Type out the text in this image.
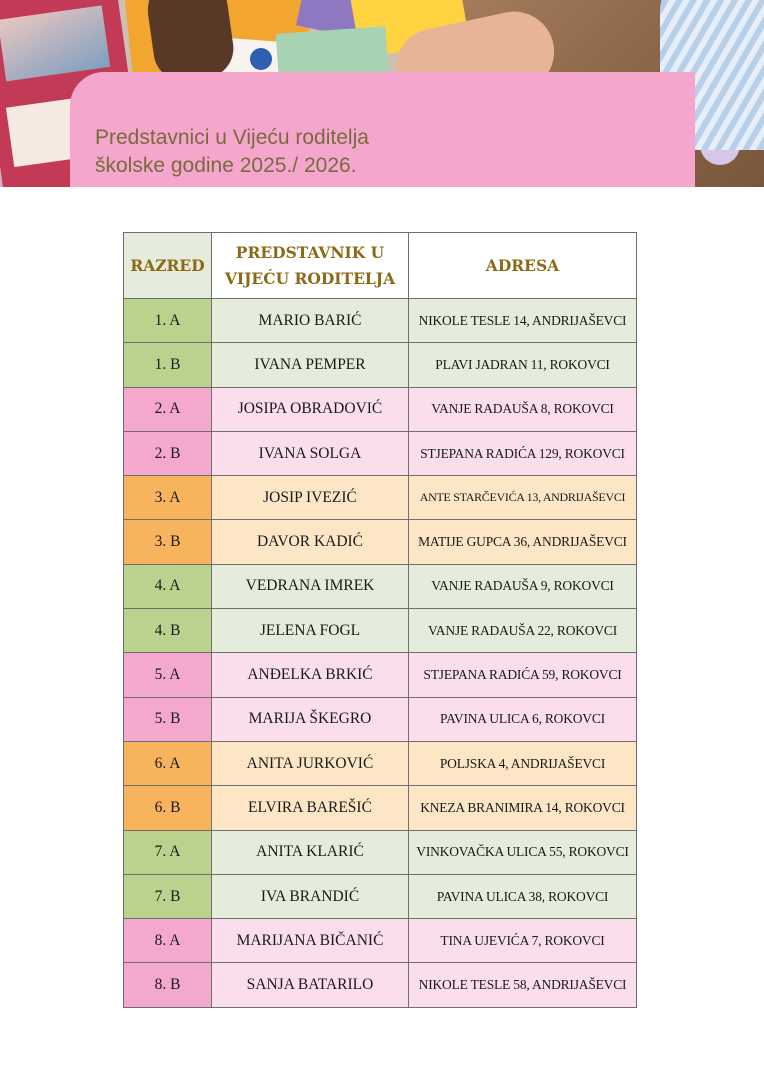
Predstavnici u Vijeću roditelja
školske godine 2025./ 2026.
RAZRED	PREDSTAVNIK U VIJEĆU RODITELJA	ADRESA
1. A	MARIO BARIĆ	NIKOLE TESLE 14, ANDRIJAŠEVCI
1. B	IVANA PEMPER	PLAVI JADRAN 11, ROKOVCI
2. A	JOSIPA OBRADOVIĆ	VANJE RADAUŠA 8, ROKOVCI
2. B	IVANA SOLGA	STJEPANA RADIĆA 129, ROKOVCI
3. A	JOSIP IVEZIĆ	ANTE STARČEVIĆA 13, ANDRIJAŠEVCI
3. B	DAVOR KADIĆ	MATIJE GUPCA 36, ANDRIJAŠEVCI
4. A	VEDRANA IMREK	VANJE RADAUŠA 9, ROKOVCI
4. B	JELENA FOGL	VANJE RADAUŠA 22, ROKOVCI
5. A	ANĐELKA BRKIĆ	STJEPANA RADIĆA 59, ROKOVCI
5. B	MARIJA ŠKEGRO	PAVINA ULICA 6, ROKOVCI
6. A	ANITA JURKOVIĆ	POLJSKA 4, ANDRIJAŠEVCI
6. B	ELVIRA BAREŠIĆ	KNEZA BRANIMIRA 14, ROKOVCI
7. A	ANITA KLARIĆ	VINKOVAČKA ULICA 55, ROKOVCI
7. B	IVA BRANDIĆ	PAVINA ULICA 38, ROKOVCI
8. A	MARIJANA BIČANIĆ	TINA UJEVIĆA 7, ROKOVCI
8. B	SANJA BATARILO	NIKOLE TESLE 58, ANDRIJAŠEVCI
